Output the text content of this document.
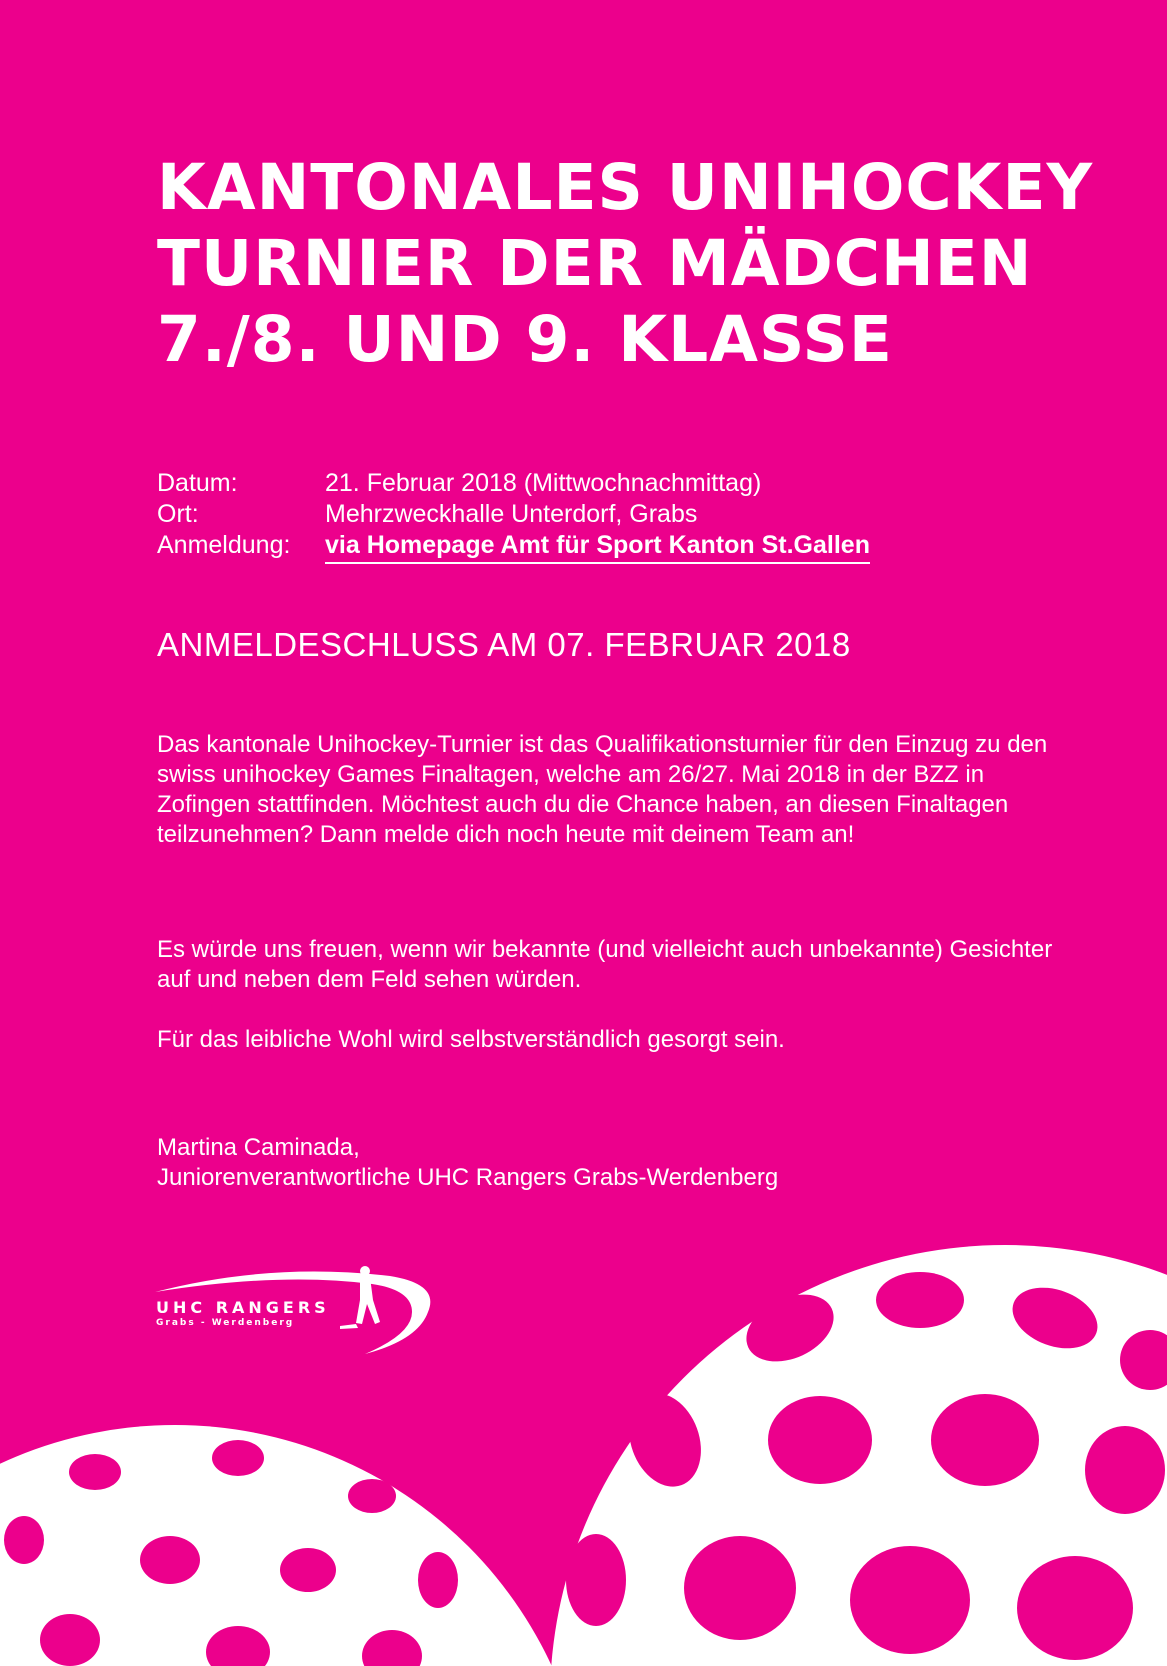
KANTONALES UNIHOCKEY
TURNIER DER MÄDCHEN
7./8. UND 9. KLASSE
Datum:	21. Februar 2018 (Mittwochnachmittag)
Ort:	Mehrzweckhalle Unterdorf, Grabs
Anmeldung:	via Homepage Amt für Sport Kanton St.Gallen
ANMELDESCHLUSS AM 07. FEBRUAR 2018

Das kantonale Unihockey-Turnier ist das Qualifikationsturnier für den Einzug zu den swiss unihockey Games Finaltagen, welche am 26/27. Mai 2018 in der BZZ in Zofingen stattfinden. Möchtest auch du die Chance haben, an diesen Finaltagen teilzunehmen? Dann melde dich noch heute mit deinem Team an!

Es würde uns freuen, wenn wir bekannte (und vielleicht auch unbekannte) Gesichter auf und neben dem Feld sehen würden.

Für das leibliche Wohl wird selbstverständlich gesorgt sein.

Martina Caminada,
Juniorenverantwortliche UHC Rangers Grabs-Werdenberg

UHC RANGERS
Grabs - Werdenberg
